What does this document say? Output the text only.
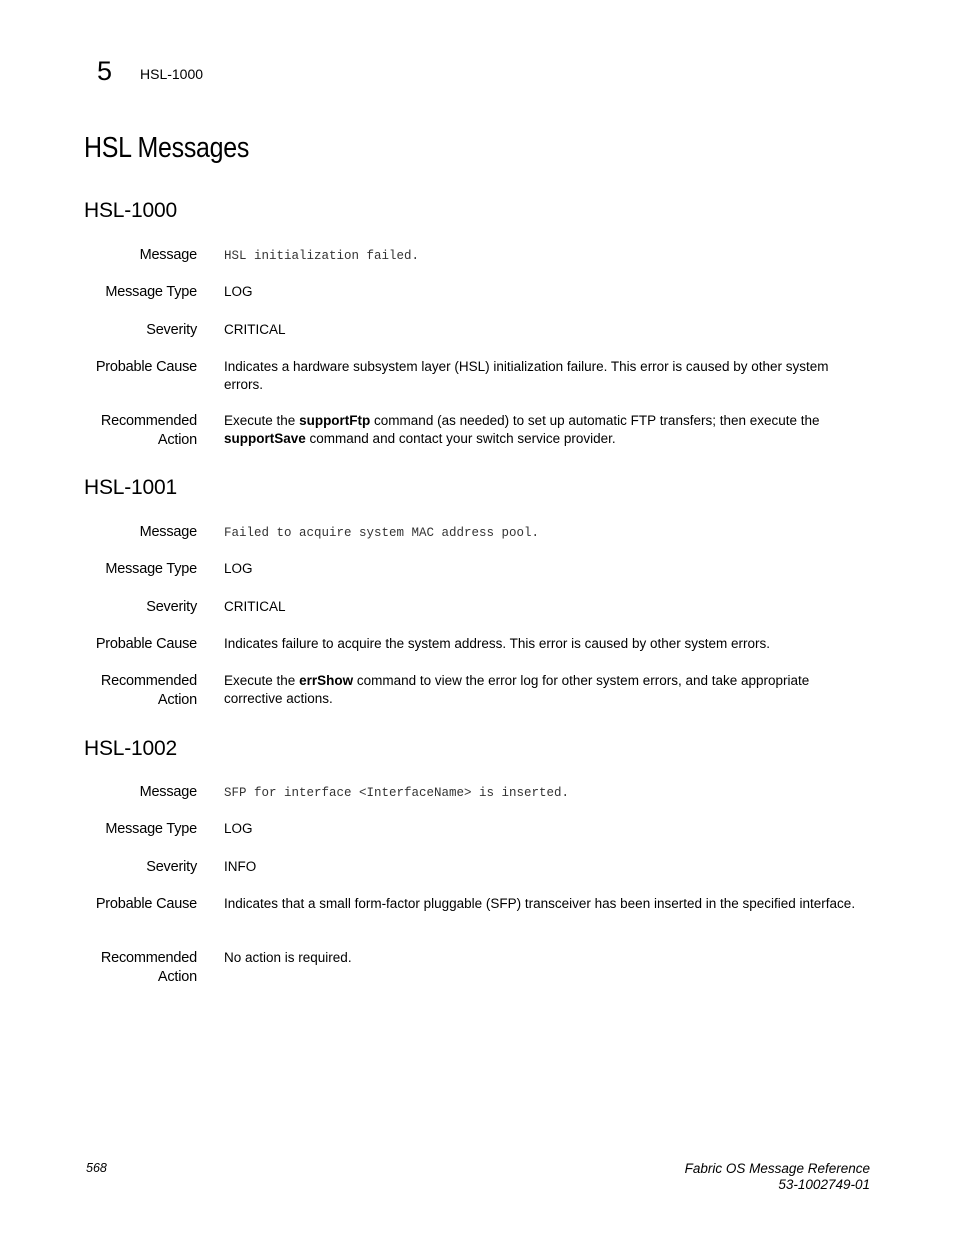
5 HSL-1000
HSL Messages
HSL-1000
Message HSL initialization failed.
Message Type LOG
Severity CRITICAL
Probable Cause Indicates a hardware subsystem layer (HSL) initialization failure. This error is caused by other system errors.
Recommended
Action
Execute the supportFtp command (as needed) to set up automatic FTP transfers; then execute the supportSave command and contact your switch service provider.
HSL-1001
Message Failed to acquire system MAC address pool.
Message Type LOG
Severity CRITICAL
Probable Cause Indicates failure to acquire the system address. This error is caused by other system errors.
Recommended
Action
Execute the errShow command to view the error log for other system errors, and take appropriate corrective actions.
HSL-1002
Message SFP for interface <InterfaceName> is inserted.
Message Type LOG
Severity INFO
Probable Cause Indicates that a small form-factor pluggable (SFP) transceiver has been inserted in the specified interface.
Recommended
Action
No action is required.
568	Fabric OS Message Reference
53-1002749-01
